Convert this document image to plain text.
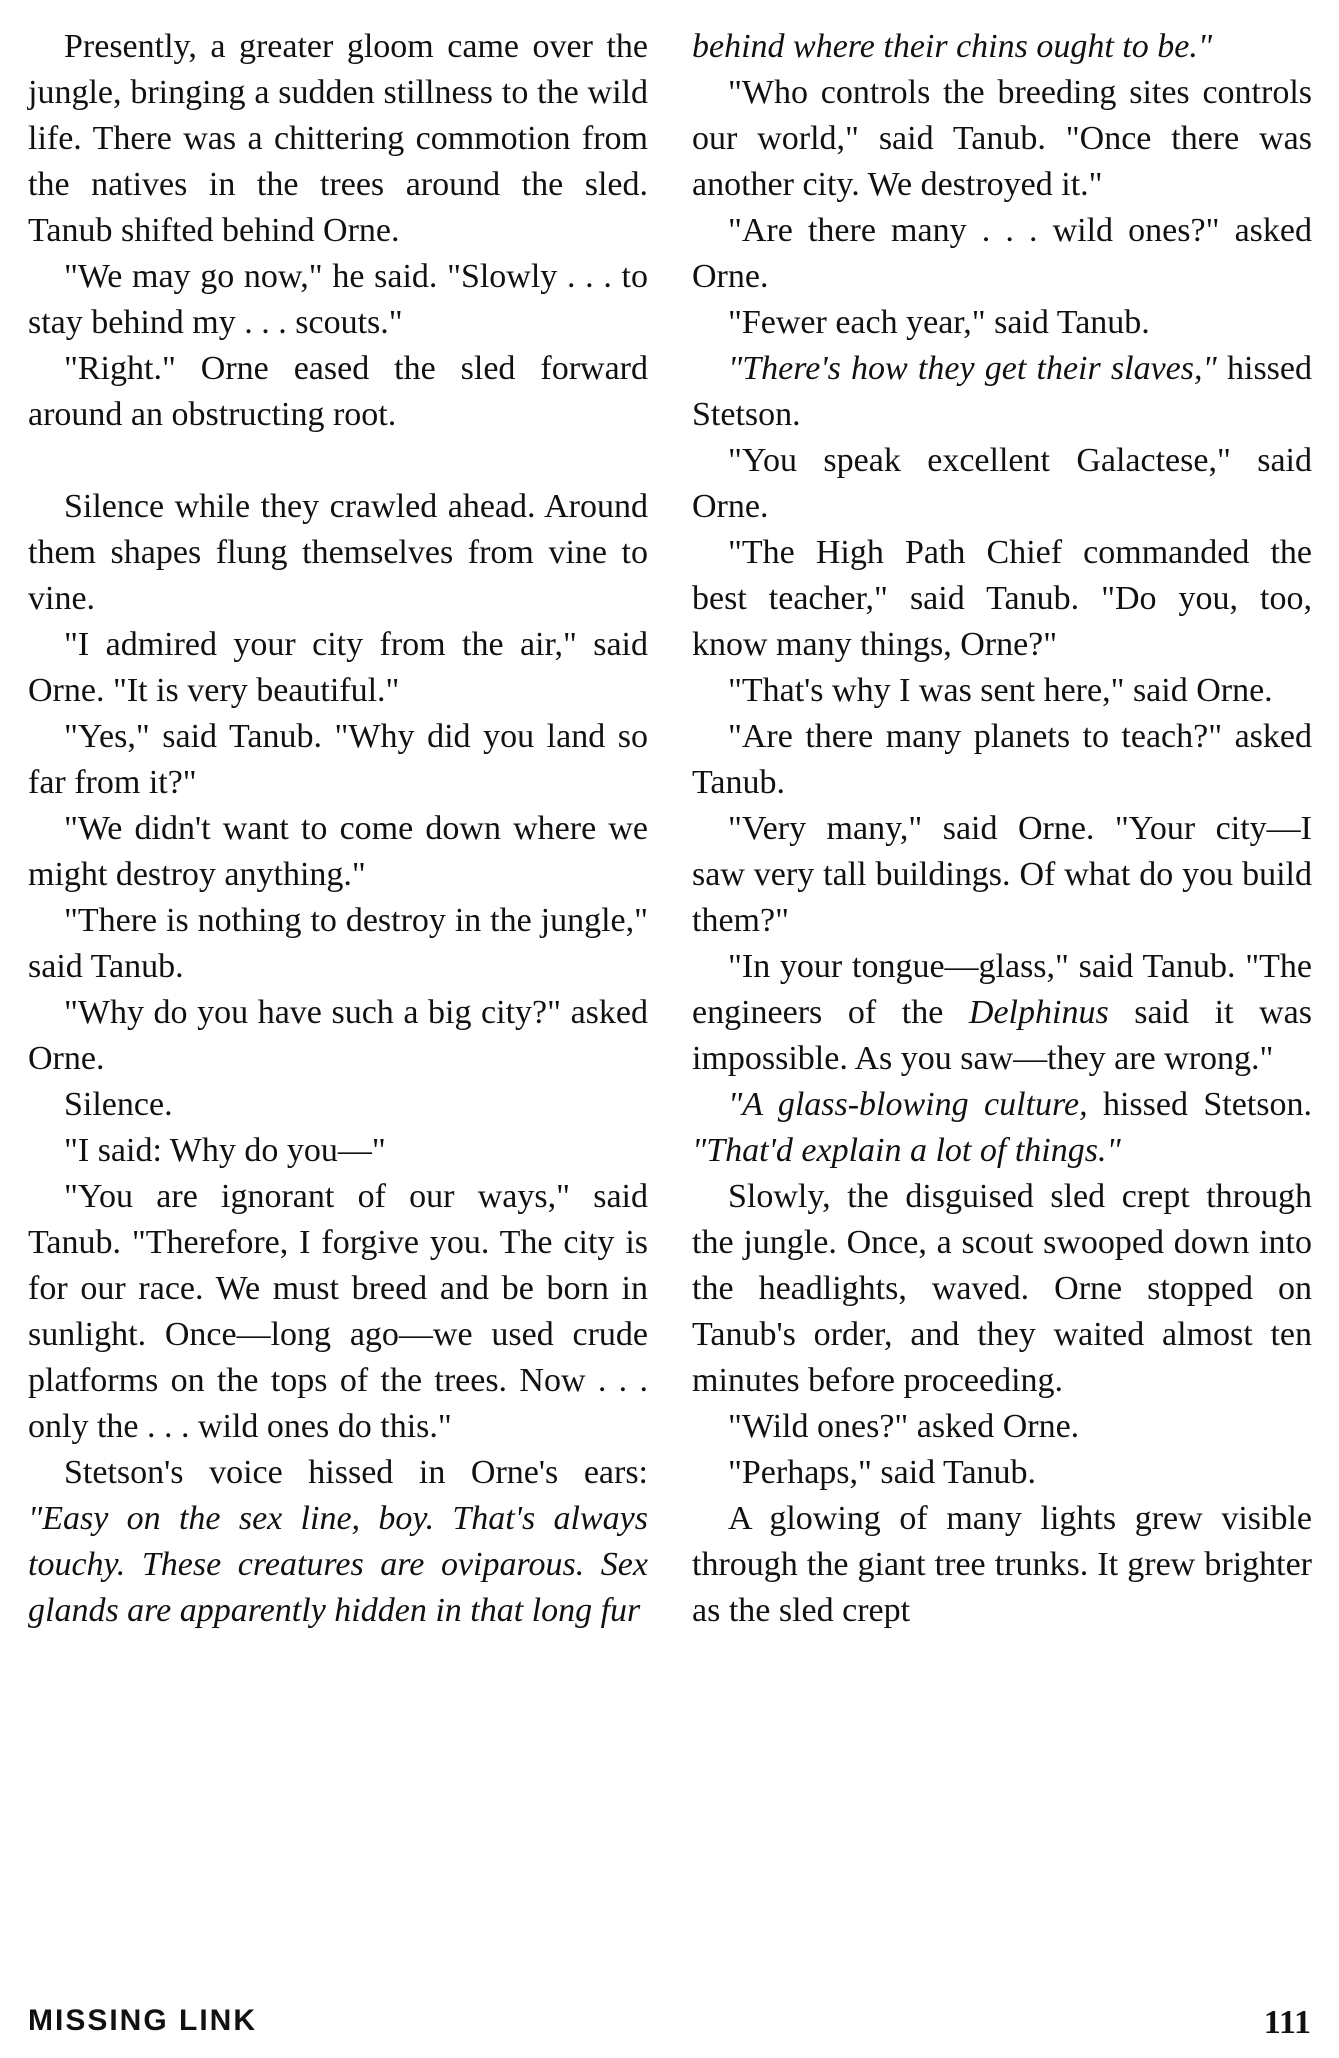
Presently, a greater gloom came over the jungle, bringing a sudden stillness to the wild life. There was a chittering commotion from the natives in the trees around the sled. Tanub shifted behind Orne.

"We may go now," he said. "Slowly . . . to stay behind my . . . scouts."

"Right." Orne eased the sled forward around an obstructing root.

Silence while they crawled ahead. Around them shapes flung themselves from vine to vine.

"I admired your city from the air," said Orne. "It is very beautiful."

"Yes," said Tanub. "Why did you land so far from it?"

"We didn't want to come down where we might destroy anything."

"There is nothing to destroy in the jungle," said Tanub.

"Why do you have such a big city?" asked Orne.

Silence.

"I said: Why do you—"

"You are ignorant of our ways," said Tanub. "Therefore, I forgive you. The city is for our race. We must breed and be born in sunlight. Once—long ago—we used crude platforms on the tops of the trees. Now . . . only the . . . wild ones do this."

Stetson's voice hissed in Orne's ears: "Easy on the sex line, boy. That's always touchy. These creatures are oviparous. Sex glands are apparently hidden in that long fur

behind where their chins ought to be."

"Who controls the breeding sites controls our world," said Tanub. "Once there was another city. We destroyed it."

"Are there many . . . wild ones?" asked Orne.

"Fewer each year," said Tanub.

"There's how they get their slaves," hissed Stetson.

"You speak excellent Galactese," said Orne.

"The High Path Chief commanded the best teacher," said Tanub. "Do you, too, know many things, Orne?"

"That's why I was sent here," said Orne.

"Are there many planets to teach?" asked Tanub.

"Very many," said Orne. "Your city—I saw very tall buildings. Of what do you build them?"

"In your tongue—glass," said Tanub. "The engineers of the Delphinus said it was impossible. As you saw—they are wrong."

"A glass-blowing culture, hissed Stetson. "That'd explain a lot of things."

Slowly, the disguised sled crept through the jungle. Once, a scout swooped down into the headlights, waved. Orne stopped on Tanub's order, and they waited almost ten minutes before proceeding.

"Wild ones?" asked Orne.

"Perhaps," said Tanub.

A glowing of many lights grew visible through the giant tree trunks. It grew brighter as the sled crept

MISSING LINK	111
